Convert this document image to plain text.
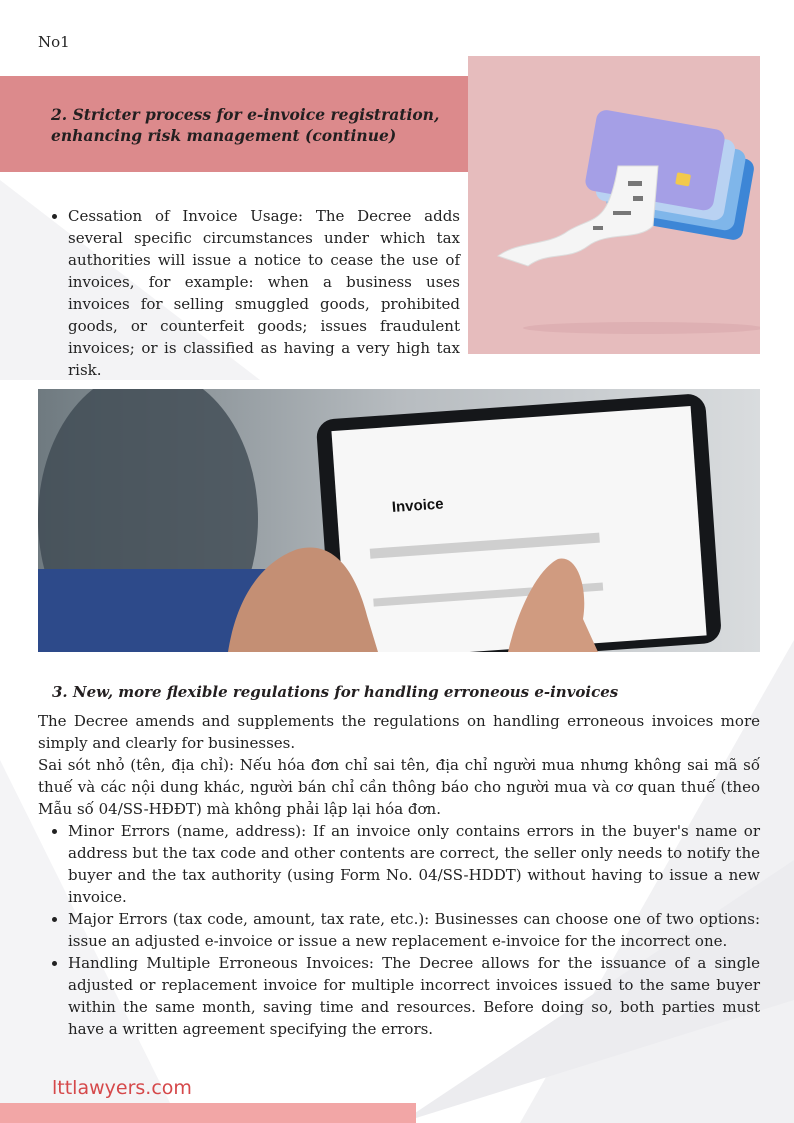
No1
2. Stricter process for e-invoice registration, enhancing risk management (continue)
• Cessation of Invoice Usage: The Decree adds several specific circumstances under which tax authorities will issue a notice to cease the use of invoices, for example: when a business uses invoices for selling smuggled goods, prohibited goods, or counterfeit goods; issues fraudulent invoices; or is classified as having a very high tax risk.
Invoice
3. New, more flexible regulations for handling erroneous e-invoices

The Decree amends and supplements the regulations on handling erroneous invoices more simply and clearly for businesses.

Sai sót nhỏ (tên, địa chỉ): Nếu hóa đơn chỉ sai tên, địa chỉ người mua nhưng không sai mã số thuế và các nội dung khác, người bán chỉ cần thông báo cho người mua và cơ quan thuế (theo Mẫu số 04/SS-HĐĐT) mà không phải lập lại hóa đơn.

• Minor Errors (name, address): If an invoice only contains errors in the buyer's name or address but the tax code and other contents are correct, the seller only needs to notify the buyer and the tax authority (using Form No. 04/SS-HDDT) without having to issue a new invoice.
• Major Errors (tax code, amount, tax rate, etc.): Businesses can choose one of two options: issue an adjusted e-invoice or issue a new replacement e-invoice for the incorrect one.
• Handling Multiple Erroneous Invoices: The Decree allows for the issuance of a single adjusted or replacement invoice for multiple incorrect invoices issued to the same buyer within the same month, saving time and resources. Before doing so, both parties must have a written agreement specifying the errors.
lttlawyers.com
